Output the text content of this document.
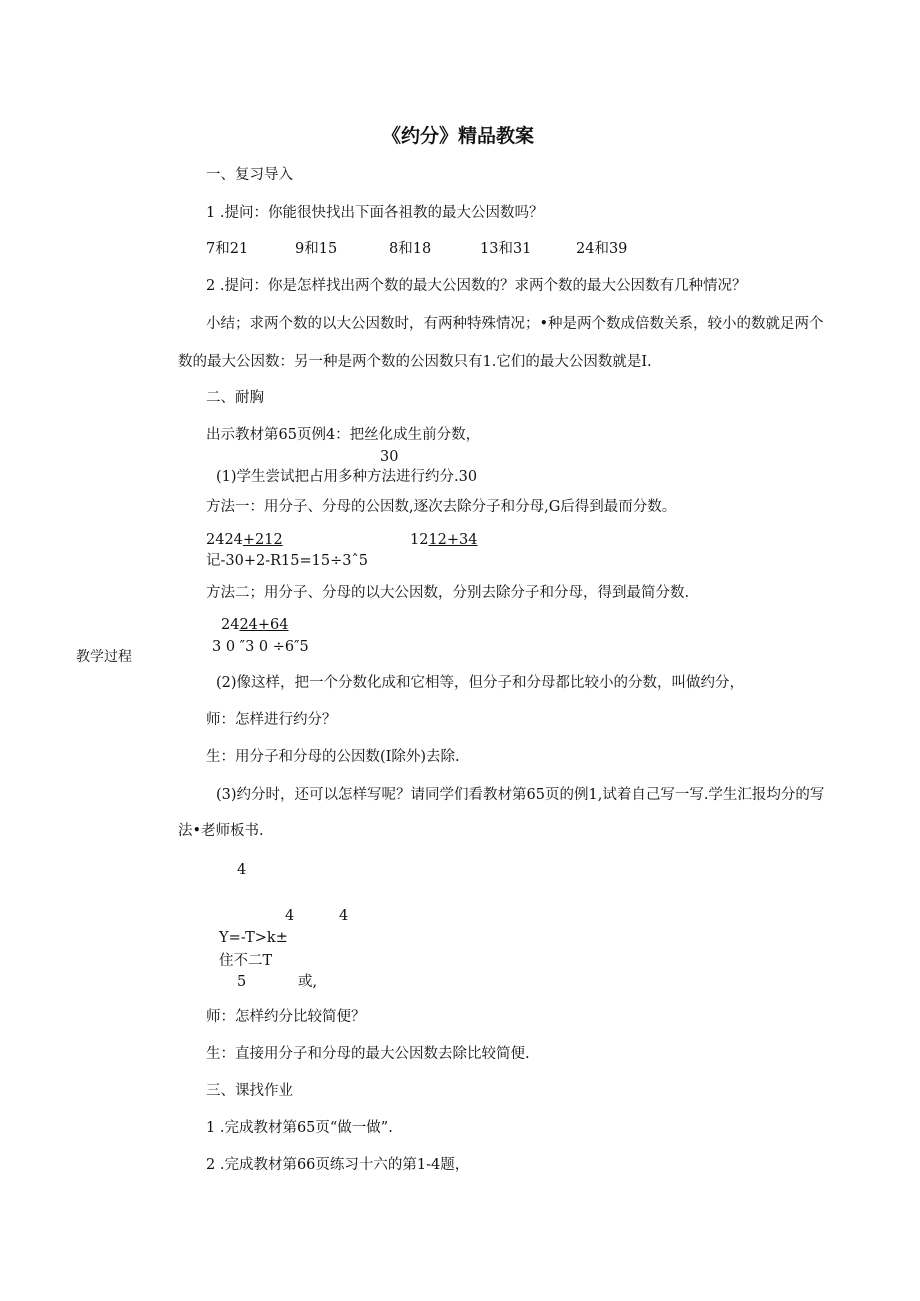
《约分》精品教案
教学过程
一、复习导入
1 .提问：你能很快找出下面各祖教的最大公因数吗？
7和21	9和15	8和18	13和31	24和39
2 .提问：你是怎样找出两个数的最大公因数的？求两个数的最大公因数有几种情况？
小结；求两个数的以大公因数时，有两种特殊情况；•种是两个数成倍数关系，较小的数就足两个
数的最大公因数：另一种是两个数的公因数只有1.它们的最大公因数就是I.
二、耐胸
出示教材第65页例4：把丝化成生前分数，
30
(1)学生尝试把占用多种方法进行约分.30
方法一：用分子、分母的公因数,逐次去除分子和分母,G后得到最而分数。
2424+212	1212+34
记-30+2-R15=15÷3ˆ5
方法二；用分子、分母的以大公因数，分别去除分子和分母，得到最简分数.
2424+64
3 0 ″3 0 ÷6″5
(2)像这样，把一个分数化成和它相等，但分子和分母都比较小的分数，叫做约分，
师：怎样进行约分？
生：用分子和分母的公因数(I除外)去除.
(3)约分时，还可以怎样写呢？请同学们看教材第65页的例1,试着自己写一写.学生汇报均分的写
法•老师板书.
4
4	4
Y=-T>k±
住不二T
5	或,
师：怎样约分比较简便？
生：直接用分子和分母的最大公因数去除比较简便.
三、课找作业
1 .完成教材第65页“做一做”.
2 .完成教材第66页练习十六的第1-4题，
